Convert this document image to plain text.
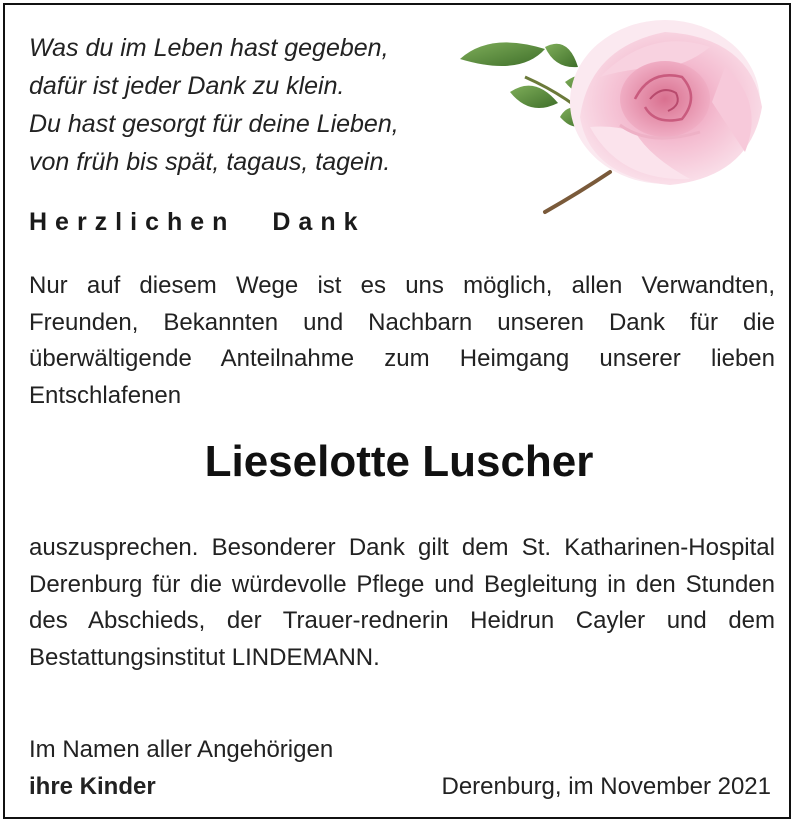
Was du im Leben hast gegeben,
dafür ist jeder Dank zu klein.
Du hast gesorgt für deine Lieben,
von früh bis spät, tagaus, tagein.
Herzlichen Dank
Nur auf diesem Wege ist es uns möglich, allen Verwandten, Freunden, Bekannten und Nachbarn unseren Dank für die überwältigende Anteilnahme zum Heimgang unserer lieben Entschlafenen
Lieselotte Luscher
auszusprechen. Besonderer Dank gilt dem St. Katharinen-Hospital Derenburg für die würdevolle Pflege und Begleitung in den Stunden des Abschieds, der Trauer-rednerin Heidrun Cayler und dem Bestattungsinstitut LINDEMANN.
Im Namen aller Angehörigen
ihre Kinder	Derenburg, im November 2021
